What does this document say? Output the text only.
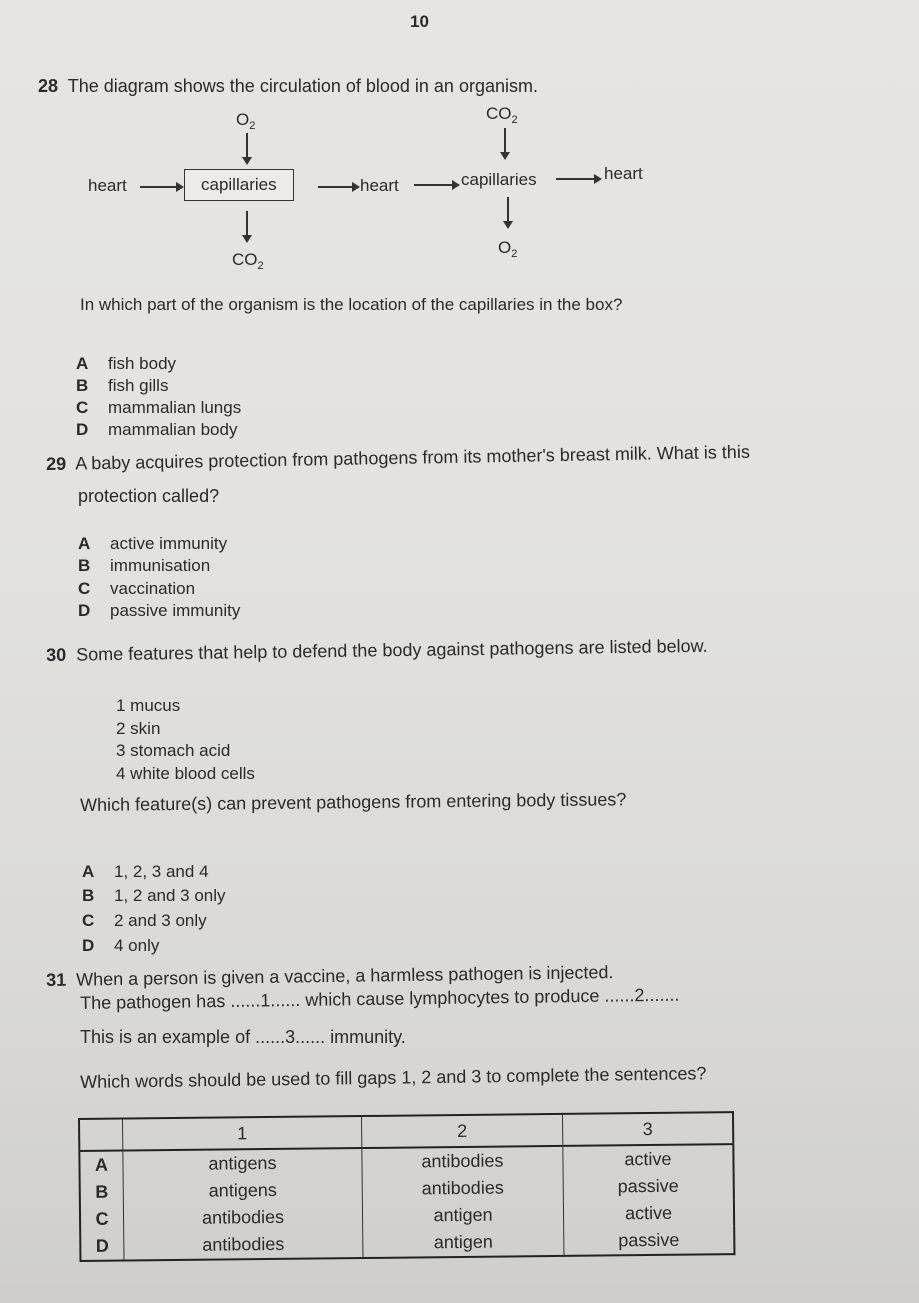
10
28 The diagram shows the circulation of blood in an organism.
$O_2$
heart	capillaries	heart	capillaries	heart
$CO_2$
$CO_2$
$O_2$
In which part of the organism is the location of the capillaries in the box?
A fish body
B fish gills
C mammalian lungs
D mammalian body
29 A baby acquires protection from pathogens from its mother's breast milk. What is this
protection called?
A active immunity
B immunisation
C vaccination
D passive immunity
30 Some features that help to defend the body against pathogens are listed below.
1 mucus
2 skin
3 stomach acid
4 white blood cells
Which feature(s) can prevent pathogens from entering body tissues?
A 1, 2, 3 and 4
B 1, 2 and 3 only
C 2 and 3 only
D 4 only
31 When a person is given a vaccine, a harmless pathogen is injected.
The pathogen has ......1...... which cause lymphocytes to produce ......2.......
This is an example of ......3...... immunity.
Which words should be used to fill gaps 1, 2 and 3 to complete the sentences?
	1	2	3
A	antigens	antibodies	active
B	antigens	antibodies	passive
C	antibodies	antigen	active
D	antibodies	antigen	passive
